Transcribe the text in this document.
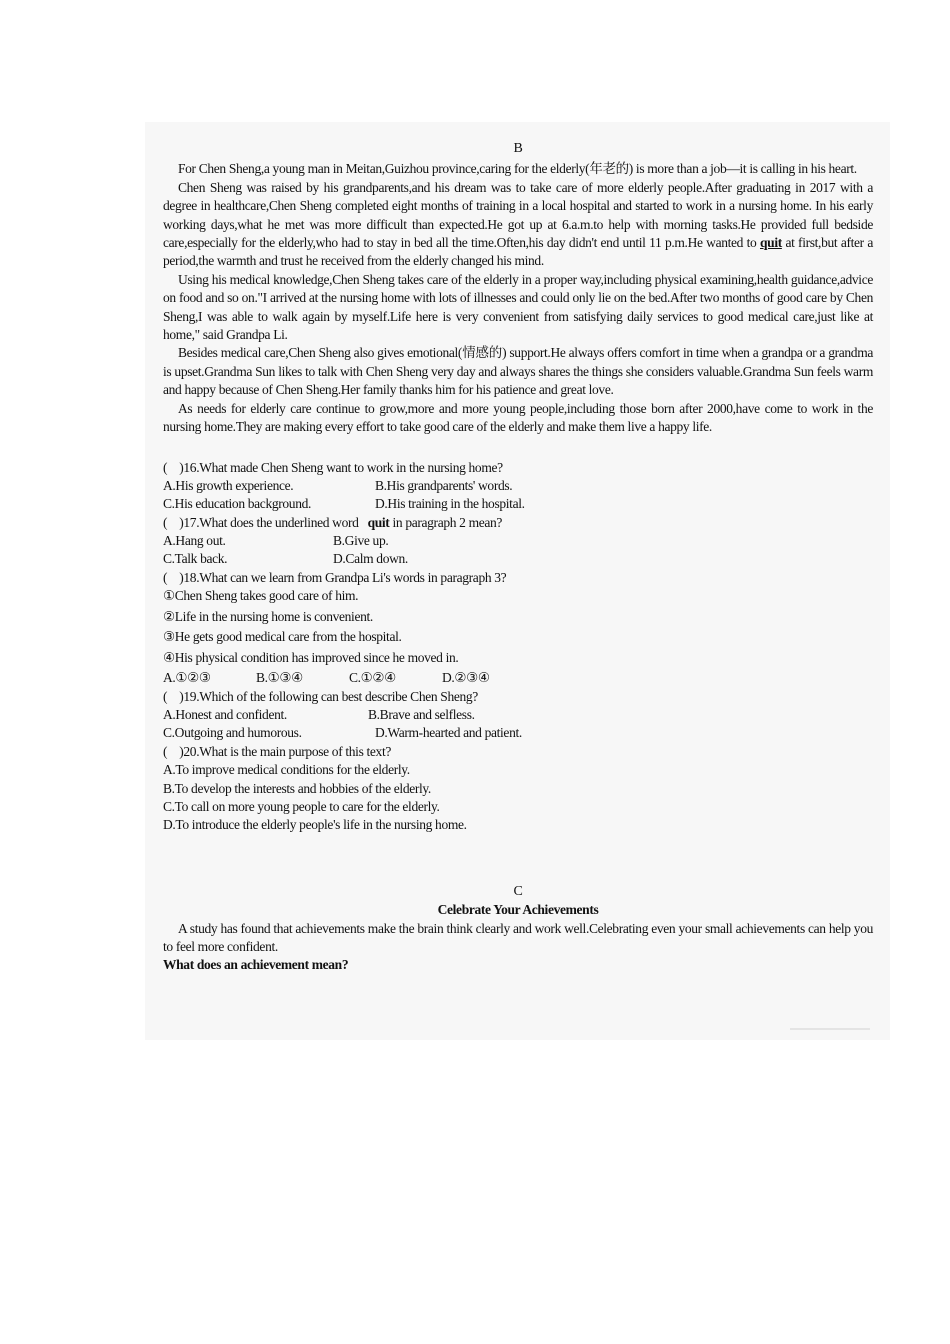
B

For Chen Sheng,a young man in Meitan,Guizhou province,caring for the elderly(年老的) is more than a job—it is calling in his heart.

Chen Sheng was raised by his grandparents,and his dream was to take care of more elderly people.After graduating in 2017 with a degree in healthcare,Chen Sheng completed eight months of training in a local hospital and started to work in a nursing home. In his early working days,what he met was more difficult than expected.He got up at 6.a.m.to help with morning tasks.He provided full bedside care,especially for the elderly,who had to stay in bed all the time.Often,his day didn't end until 11 p.m.He wanted to quit at first,but after a period,the warmth and trust he received from the elderly changed his mind.

Using his medical knowledge,Chen Sheng takes care of the elderly in a proper way,including physical examining,health guidance,advice on food and so on."I arrived at the nursing home with lots of illnesses and could only lie on the bed.After two months of good care by Chen Sheng,I was able to walk again by myself.Life here is very convenient from satisfying daily services to good medical care,just like at home," said Grandpa Li.

Besides medical care,Chen Sheng also gives emotional(情感的) support.He always offers comfort in time when a grandpa or a grandma is upset.Grandma Sun likes to talk with Chen Sheng very day and always shares the things she considers valuable.Grandma Sun feels warm and happy because of Chen Sheng.Her family thanks him for his patience and great love.

As needs for elderly care continue to grow,more and more young people,including those born after 2000,have come to work in the nursing home.They are making every effort to take good care of the elderly and make them live a happy life.

(    )16.What made Chen Sheng want to work in the nursing home?
A.His growth experience.	B.His grandparents' words.
C.His education background.	D.His training in the hospital.
(    )17.What does the underlined word   quit in paragraph 2 mean?
A.Hang out.	B.Give up.
C.Talk back.	D.Calm down.
(    )18.What can we learn from Grandpa Li's words in paragraph 3?
①Chen Sheng takes good care of him.
②Life in the nursing home is convenient.
③He gets good medical care from the hospital.
④His physical condition has improved since he moved in.
A.①②③	B.①③④	C.①②④	D.②③④
(    )19.Which of the following can best describe Chen Sheng?
A.Honest and confident.	B.Brave and selfless.
C.Outgoing and humorous.	D.Warm-hearted and patient.
(    )20.What is the main purpose of this text?
A.To improve medical conditions for the elderly.
B.To develop the interests and hobbies of the elderly.
C.To call on more young people to care for the elderly.
D.To introduce the elderly people's life in the nursing home.
C
Celebrate Your Achievements

A study has found that achievements make the brain think clearly and work well.Celebrating even your small achievements can help you to feel more confident.

What does an achievement mean?
